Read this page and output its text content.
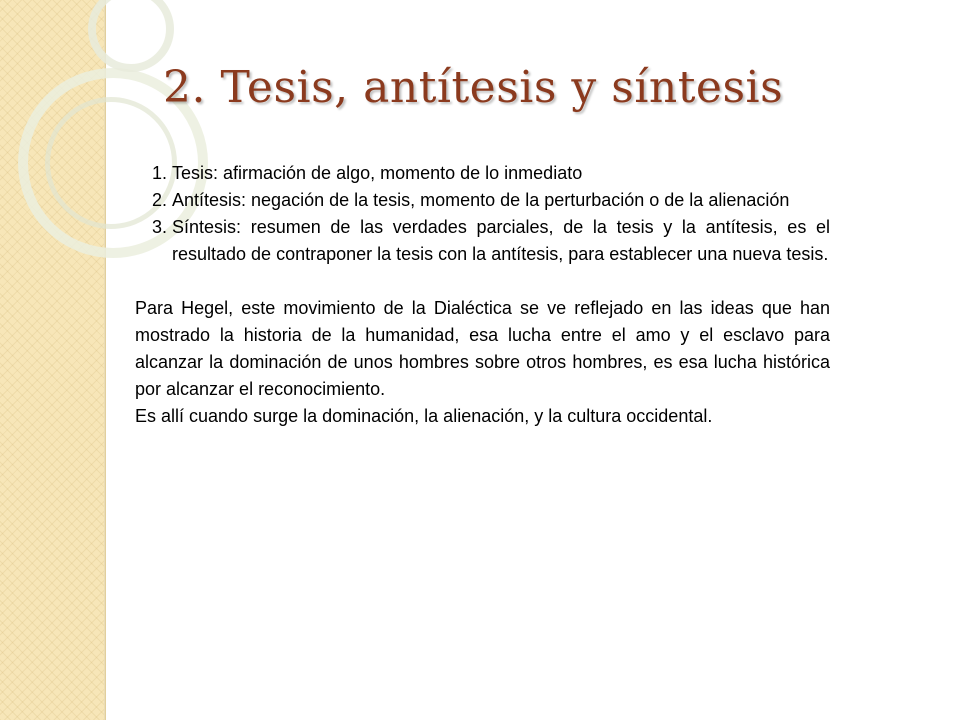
2. Tesis, antítesis y síntesis
1. Tesis: afirmación de algo, momento de lo inmediato
2. Antítesis: negación de la tesis, momento de la perturbación o de la alienación
3. Síntesis: resumen de las verdades parciales, de la tesis y la antítesis, es el resultado de contraponer la tesis con la antítesis, para establecer una nueva tesis.

Para Hegel, este movimiento de la Dialéctica se ve reflejado en las ideas que han mostrado la historia de la humanidad, esa lucha entre el amo y el esclavo para alcanzar la dominación de unos hombres sobre otros hombres, es esa lucha histórica por alcanzar el reconocimiento.

Es allí cuando surge la dominación, la alienación, y la cultura occidental.
